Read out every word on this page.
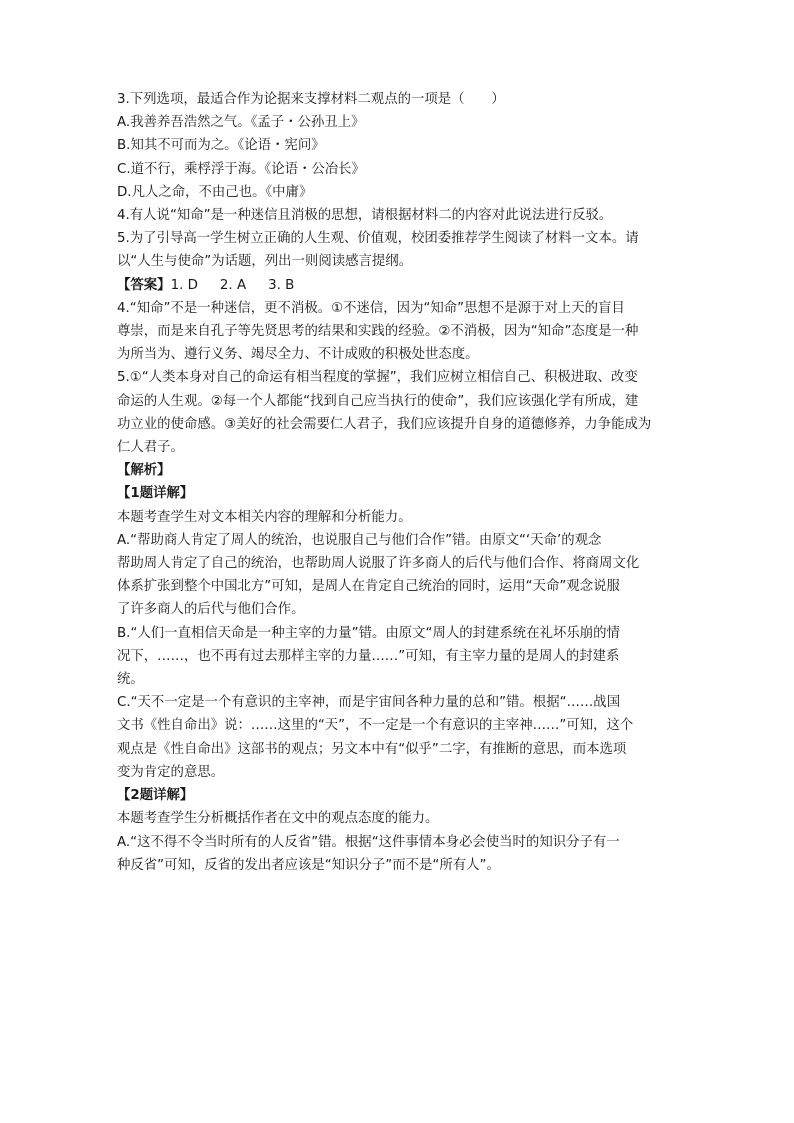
3.下列选项，最适合作为论据来支撑材料二观点的一项是（　　）
A.我善养吾浩然之气。《孟子・公孙丑上》
B.知其不可而为之。《论语・宪问》
C.道不行，乘桴浮于海。《论语・公冶长》
D.凡人之命，不由己也。《中庸》
4.有人说“知命”是一种迷信且消极的思想，请根据材料二的内容对此说法进行反驳。
5.为了引导高一学生树立正确的人生观、价值观，校团委推荐学生阅读了材料一文本。请
以“人生与使命”为话题，列出一则阅读感言提纲。
【答案】1. D 2. A 3. B
4.“知命”不是一种迷信，更不消极。①不迷信，因为“知命”思想不是源于对上天的盲目
尊崇，而是来自孔子等先贤思考的结果和实践的经验。②不消极，因为“知命”态度是一种
为所当为、遵行义务、竭尽全力、不计成败的积极处世态度。
5.①“人类本身对自己的命运有相当程度的掌握”，我们应树立相信自己、积极进取、改变
命运的人生观。②每一个人都能“找到自己应当执行的使命”，我们应该强化学有所成，建
功立业的使命感。③美好的社会需要仁人君子，我们应该提升自身的道德修养，力争能成为
仁人君子。
【解析】
【1题详解】
本题考查学生对文本相关内容的理解和分析能力。
A.“帮助商人肯定了周人的统治，也说服自己与他们合作”错。由原文“‘天命’的观念
帮助周人肯定了自己的统治，也帮助周人说服了许多商人的后代与他们合作、将商周文化
体系扩张到整个中国北方”可知，是周人在肯定自己统治的同时，运用“天命”观念说服
了许多商人的后代与他们合作。
B.“人们一直相信天命是一种主宰的力量”错。由原文“周人的封建系统在礼坏乐崩的情
况下，……，也不再有过去那样主宰的力量……”可知，有主宰力量的是周人的封建系
统。
C.“天不一定是一个有意识的主宰神，而是宇宙间各种力量的总和”错。根据“……战国
文书《性自命出》说：……这里的“天”，不一定是一个有意识的主宰神……”可知，这个
观点是《性自命出》这部书的观点；另文本中有“似乎”二字，有推断的意思，而本选项
变为肯定的意思。
【2题详解】
本题考查学生分析概括作者在文中的观点态度的能力。
A.“这不得不令当时所有的人反省”错。根据“这件事情本身必会使当时的知识分子有一
种反省”可知，反省的发出者应该是“知识分子”而不是“所有人”。
